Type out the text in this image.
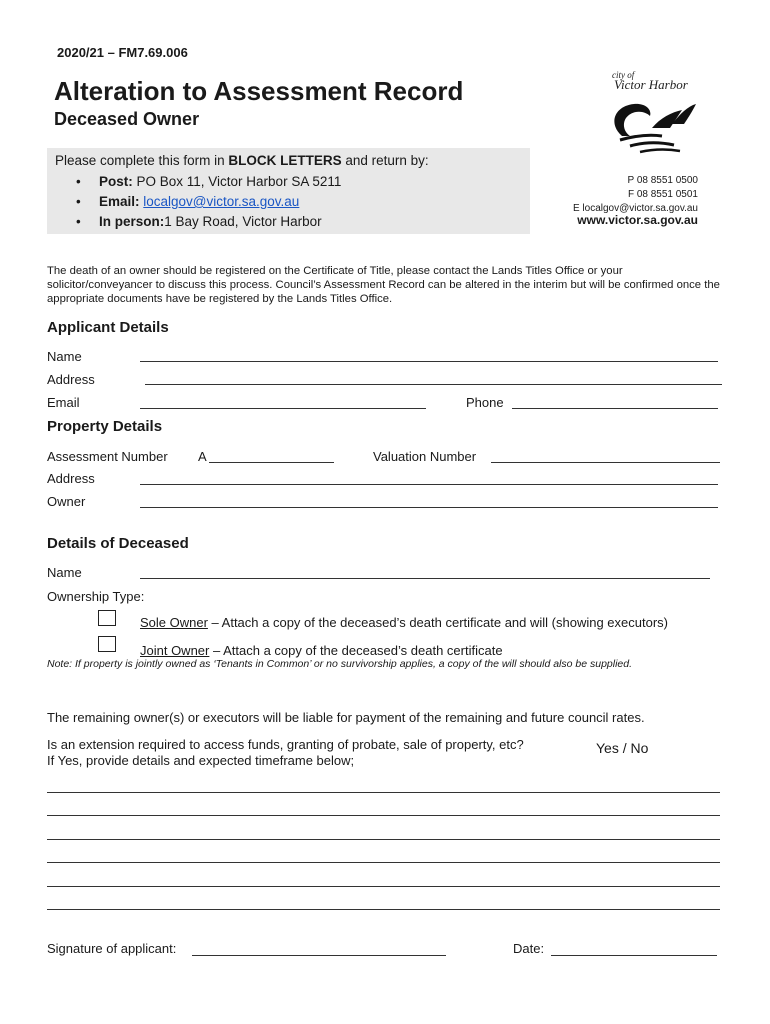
2020/21 – FM7.69.006
Alteration to Assessment Record
Deceased Owner
Please complete this form in BLOCK LETTERS and return by:
• Post: PO Box 11, Victor Harbor SA 5211
• Email: localgov@victor.sa.gov.au
• In person:1 Bay Road, Victor Harbor
city of
Victor Harbor
P 08 8551 0500
F 08 8551 0501
E localgov@victor.sa.gov.au
www.victor.sa.gov.au
The death of an owner should be registered on the Certificate of Title, please contact the Lands Titles Office or your solicitor/conveyancer to discuss this process. Council’s Assessment Record can be altered in the interim but will be confirmed once the appropriate documents have be registered by the Lands Titles Office.
Applicant Details
Name
Address
Email	Phone
Property Details
Assessment Number A	Valuation Number
Address
Owner
Details of Deceased
Name
Ownership Type:
Sole Owner – Attach a copy of the deceased’s death certificate and will (showing executors)
Joint Owner – Attach a copy of the deceased’s death certificate
Note: If property is jointly owned as ‘Tenants in Common’ or no survivorship applies, a copy of the will should also be supplied.
The remaining owner(s) or executors will be liable for payment of the remaining and future council rates.
Is an extension required to access funds, granting of probate, sale of property, etc?	Yes / No
If Yes, provide details and expected timeframe below;
Signature of applicant:	Date:
